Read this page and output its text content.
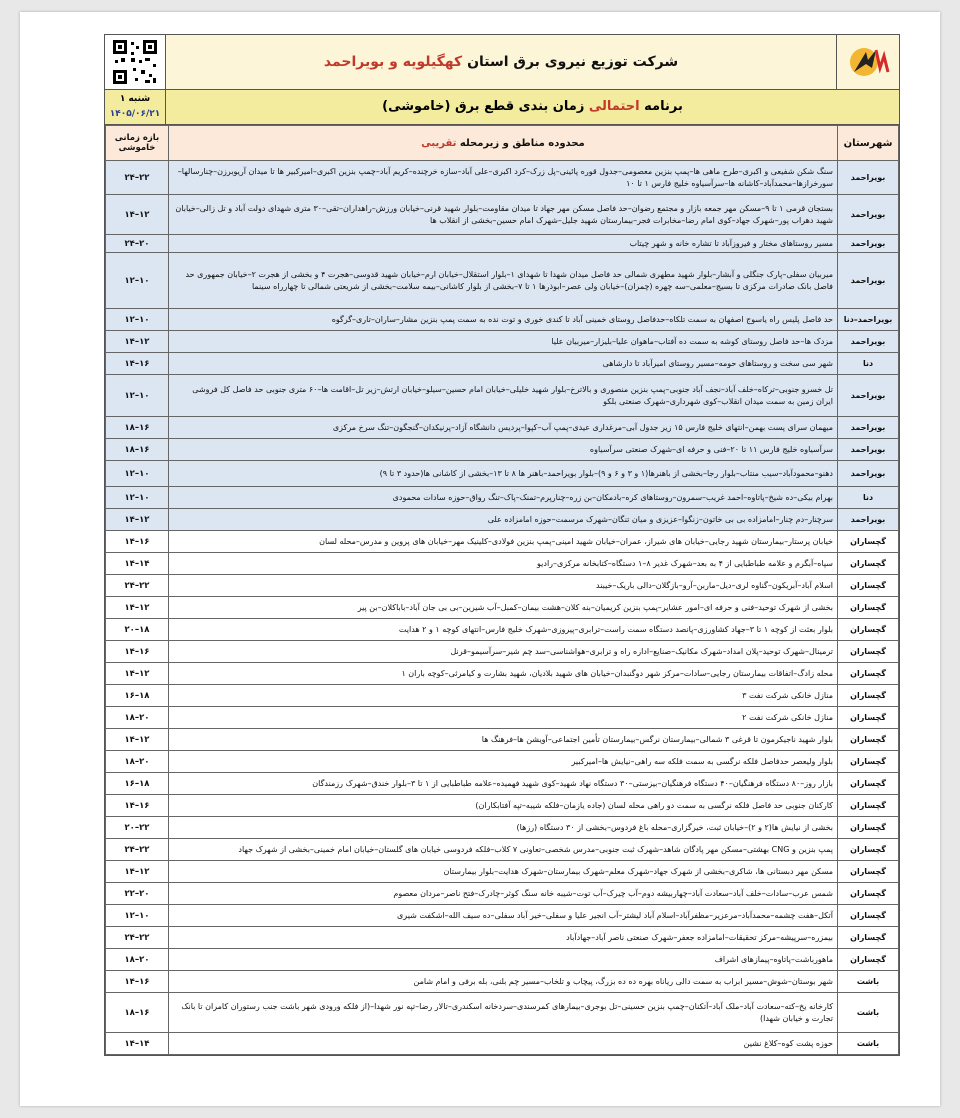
شرکت توزیع نیروی برق استان کهگیلویه و بویراحمد
برنامه احتمالی زمان بندی قطع برق (خاموشی)
شنبه ۱
۱۴۰۵/۰۶/۲۱
شهرستان	محدوده مناطق و زیرمحله تقریبی	بازه زمانی خاموشی
بویراحمد	سنگ شکن شفیعی و اکبری–طرح ماهی ها–پمپ بنزین معصومی–جدول قوره پائینی–پل زرک–کرد اکبری–علی آباد–سازه خرچنده–کریم آباد–چمپ بنزین اکبری–امیرکبیر ها تا میدان آریوبرزن–چنارسالها–سورخرازها–محمدآباد–کاشانه ها–سرآسیاوه خلیج فارس ۱ تا ۱۰	۲۴–۲۲
بویراحمد	بستجان قرمی ۱ تا ۹–مسکن مهر جمعه بازار و مجتمع رضوان–حد فاصل مسکن مهر جهاد تا میدان مقاومت–بلوار شهید قرنی–خیابان ورزش–راهداران–تقی–۳۰ متری شهدای دولت آباد و تل زالی–خیابان شهید دهراب پور–شهرک جهاد–کوی امام رضا–مخابرات فجر–بیمارستان شهید جلیل–شهرک امام حسین–بخشی از انقلاب ها	۱۴–۱۲
بویراحمد	مسیر روستاهای مختار و فیروزآباد تا تشاره خانه و شهر چیتاب	۲۴–۲۰
بویراحمد	میربیان سفلی–پارک جنگلی و آبشار–بلوار شهید مطهری شمالی حد فاصل میدان شهدا تا شهدای ۱–بلوار استقلال–خیابان ارم–خیابان شهید قدوسی–هجرت ۴ و بخشی از هجرت ۲–خیابان جمهوری حد فاصل بانک صادرات مرکزی تا بسیج–معلمی–سه چهره (چمران)–خیابان ولی عصر–ابوذرها ۱ تا ۷–بخشی از بلوار کاشانی–بیمه سلامت–بخشی از شریعتی شمالی تا چهارراه سینما	۱۲–۱۰
بویراحمد–دنا	حد فاصل پلیس راه یاسوج اصفهان به سمت تلکاه–حدفاصل روستای خمینی آباد تا کندی خوری و توت نده به سمت پمپ بنزین مشار–ساران–تاری–گرگوه	۱۲–۱۰
بویراحمد	مزدک ها–حد فاصل روستای کوشه به سمت ده آفتاب–ماهوان علیا–بلیزار–میربیان علیا	۱۴–۱۲
دنا	شهر سی سخت و روستاهای حومه–مسیر روستای امیرآباد تا دارشاهی	۱۴–۱۶
بویراحمد	تل خسرو جنوبی–ترکاه–خلف آباد–نجف آباد جنوبی–پمپ بنزین منصوری و بالاترخ–بلوار شهید خلیلی–خیابان امام حسین–سیلو–خیابان ارتش–زیر تل–اقامت ها–۶۰ متری جنوبی حد فاصل کل فروشی ایران زمین به سمت میدان انقلاب–کوی شهرداری–شهرک صنعتی بلکو	۱۲–۱۰
بویراحمد	میهمان سرای پست بهمن–انتهای خلیج فارس ۱۵ زیر جدول آبی–مرغداری عیدی–پمپ آب–کپوا–پردیس دانشگاه آزاد–پرنیکدان–گنجگون–تنگ سرخ مرکزی	۱۸–۱۶
بویراحمد	سرآسیاوه خلیج فارس ۱۱ تا ۲۰–فنی و حرفه ای–شهرک صنعتی سرآسیاوه	۱۸–۱۶
بویراحمد	دهنو–محمودآباد–سیب منتاب–بلوار رجا–بخشی از باهنرها(۱ و ۳ و ۶ و ۹)–بلوار بویراحمد–باهنر ها ۸ تا ۱۳–بخشی از کاشانی ها(حدود ۳ تا ۹)	۱۲–۱۰
دنا	بهرام بیکی–ده شیخ–پاتاوه–احمد غریب–سمرون–روستاهای کره–بادمکان–بن زره–چنارپرم–تمنک–پاک–تنگ رواق–حوزه سادات محمودی	۱۲–۱۰
بویراحمد	سرچنار–دم چنار–امامزاده بی بی خاتون–زنگوا–عزیزی و میان تنگان–شهرک مرسمت–حوزه امامزاده علی	۱۴–۱۲
گچساران	خیابان پرستار–بیمارستان شهید رجایی–خیابان های شیراز، عمران–خیابان شهید امینی–پمپ بنزین فولادی–کلینیک مهر–خیابان های پروین و مدرس–محله لسان	۱۴–۱۶
گچساران	سپاه–آبگرم و علامه طباطبایی از ۴ به بعد–شهرک غدیر ۸–۱ دستگاه–کتابخانه مرکزی–رادیو	۱۴–۱۴
گچساران	اسلام آباد–آبریکون–گناوه لری–دیل–ماربن–آرو–بازگلان–دالی باریک–خیبند	۲۴–۲۲
گچساران	بخشی از شهرک توحید–فنی و حرفه ای–امور عشایر–پمپ بنزین کریمیان–بنه کلان–هشت بیمان–کمبل–آب شیرین–بی بی جان آباد–باباکلان–بن پیر	۱۴–۱۲
گچساران	بلوار بعثت از کوچه ۱ تا ۳–جهاد کشاورزی–پانصد دستگاه سمت راست–ترابری–پیروزی–شهرک خلیج فارس–انتهای کوچه ۱ و ۲ هدایت	۲۰–۱۸
گچساران	ترمینال–شهرک توحید–پلان امداد–شهرک مکانیک–صنایع–اداره راه و ترابری–هواشناسی–سد چم شیر–سرآسیمو–قرنل	۱۴–۱۶
گچساران	محله زادگ–اتفاقات بیمارستان رجایی–سادات–مرکز شهر دوگنبدان–خیابان های شهید بلادیان، شهید بشارت و کیامرثی–کوچه باران ۱	۱۴–۱۲
گچساران	منازل خانکی شرکت نفت ۳	۱۶–۱۸
گچساران	منازل خانکی شرکت نفت ۲	۱۸–۲۰
گچساران	بلوار شهید ناجیکرمون تا قرغی ۳ شمالی–بیمارستان نرگس–بیمارستان تأمین اجتماعی–آویشن ها–فرهنگ ها	۱۴–۱۲
گچساران	بلوار ولیعصر حدفاصل فلکه نرگسی به سمت فلکه سه راهی–نیایش ها–امیرکبیر	۱۸–۲۰
گچساران	بازار روز–۸۰ دستگاه فرهنگیان–۴۰ دستگاه فرهنگیان–بیزستی–۳۰ دستگاه نهاد شهید–کوی شهید فهمیده–علامه طباطبایی از ۱ تا ۳–بلوار خندق–شهرک رزمندگان	۱۶–۱۸
گچساران	کارکنان جنوبی حد فاصل فلکه نرگسی به سمت دو راهی محله لسان (جاده یازمان–فلکه شیبه–تپه آفتابکاران)	۱۴–۱۶
گچساران	بخشی از نیایش ها(۲ و ۲)–خیابان ثبت، خیرگزاری–محله باغ فردوس–بخشی از ۳۰ دستگاه (رزها)	۲۰–۲۲
گچساران	پمپ بنزین و CNG بهشتی–مسکن مهر پادگان شاهد–شهرک ثبت جنوبی–مدرس شخصی–تعاونی ۷ کلاب–فلکه فردوسی خیابان های گلستان–خیابان امام خمینی–بخشی از شهرک جهاد	۲۴–۲۲
گچساران	مسکن مهر دبستانی ها، شاکری–بخشی از شهرک جهاد–شهرک معلم–شهرک بیمارستان–شهرک هدایت–بلوار بیمارستان	۱۴–۱۲
گچساران	شمس عرب–سادات–خلف آباد–سعادت آباد–چهاربیشه دوم–آب چیرک–آب توت–شیبه خانه سنگ کوثر–چادرک–فتح ناصر–مردان معصوم	۲۲–۲۰
گچساران	آتکل–هفت چشمه–محمدآباد–مرعزیر–مظفرآباد–اسلام آباد لیشتر–آب انجیر علیا و سفلی–خیر آباد سفلی–ده سیف الله–اشکفت شیری	۱۲–۱۰
گچساران	بیمزره–سرپیشه–مرکز تحقیقات–امامزاده جعفر–شهرک صنعتی ناصر آباد–جهادآباد	۲۴–۲۲
گچساران	ماهورباشت–پاتاوه–پیمازهای اشراف	۱۸–۲۰
باشت	شهر بوستان–شوش–مسیر ابراب به سمت دالی ریاناه بهره ده ده بزرگ، پیچاب و تلخاب–مسیر چم بلنی، بله برفی و امام شامن	۱۴–۱۶
باشت	کارخانه یخ–کته–سعادت آباد–ملک آباد–آتکنان–چمپ بنزین حسینی–تل بوجری–بیمارهای کمرسندی–سردخانه اسکندری–تالار رضا–تپه نور شهدا–(از فلکه ورودی شهر باشت جنب رستوران کامران تا بانک تجارت و خیابان شهدا)	۱۸–۱۶
باشت	حوزه پشت کوه–کلاغ نشین	۱۴–۱۴
